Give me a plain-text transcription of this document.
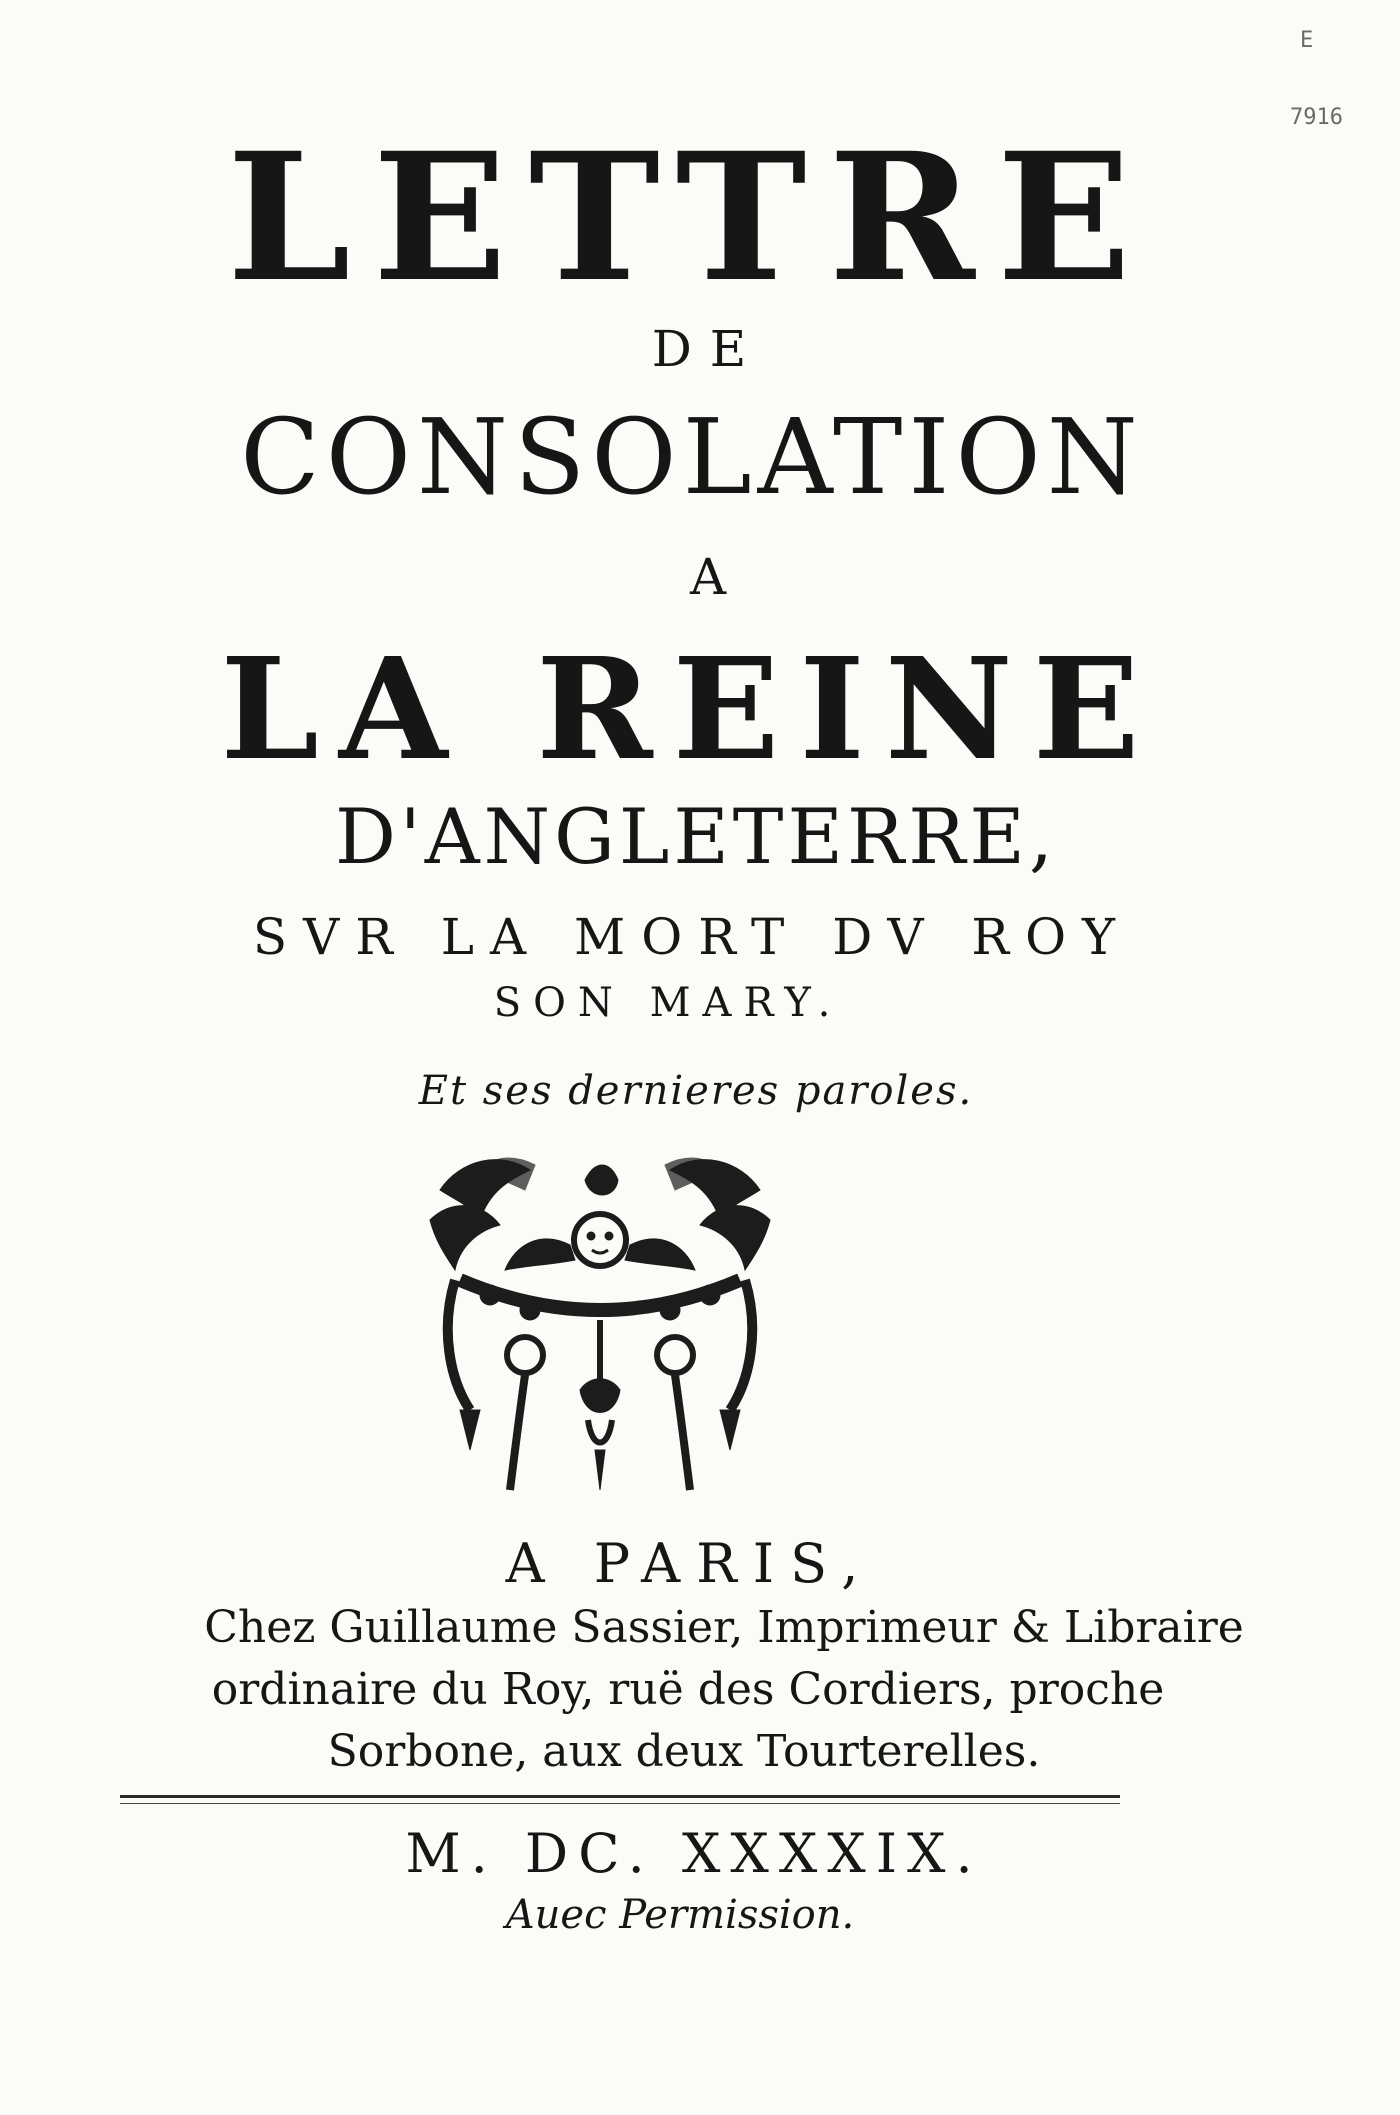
E
7916
LETTRE
DE
CONSOLATION
A
LA REINE
D'ANGLETERRE,
SVR LA MORT DV ROY
SON MARY.
Et ses dernieres paroles.
A PARIS,
Chez Guillaume Sassier, Imprimeur & Libraire
ordinaire du Roy, ruë des Cordiers, proche
Sorbone, aux deux Tourterelles.
M. DC. XXXXIX.
Auec Permission.
